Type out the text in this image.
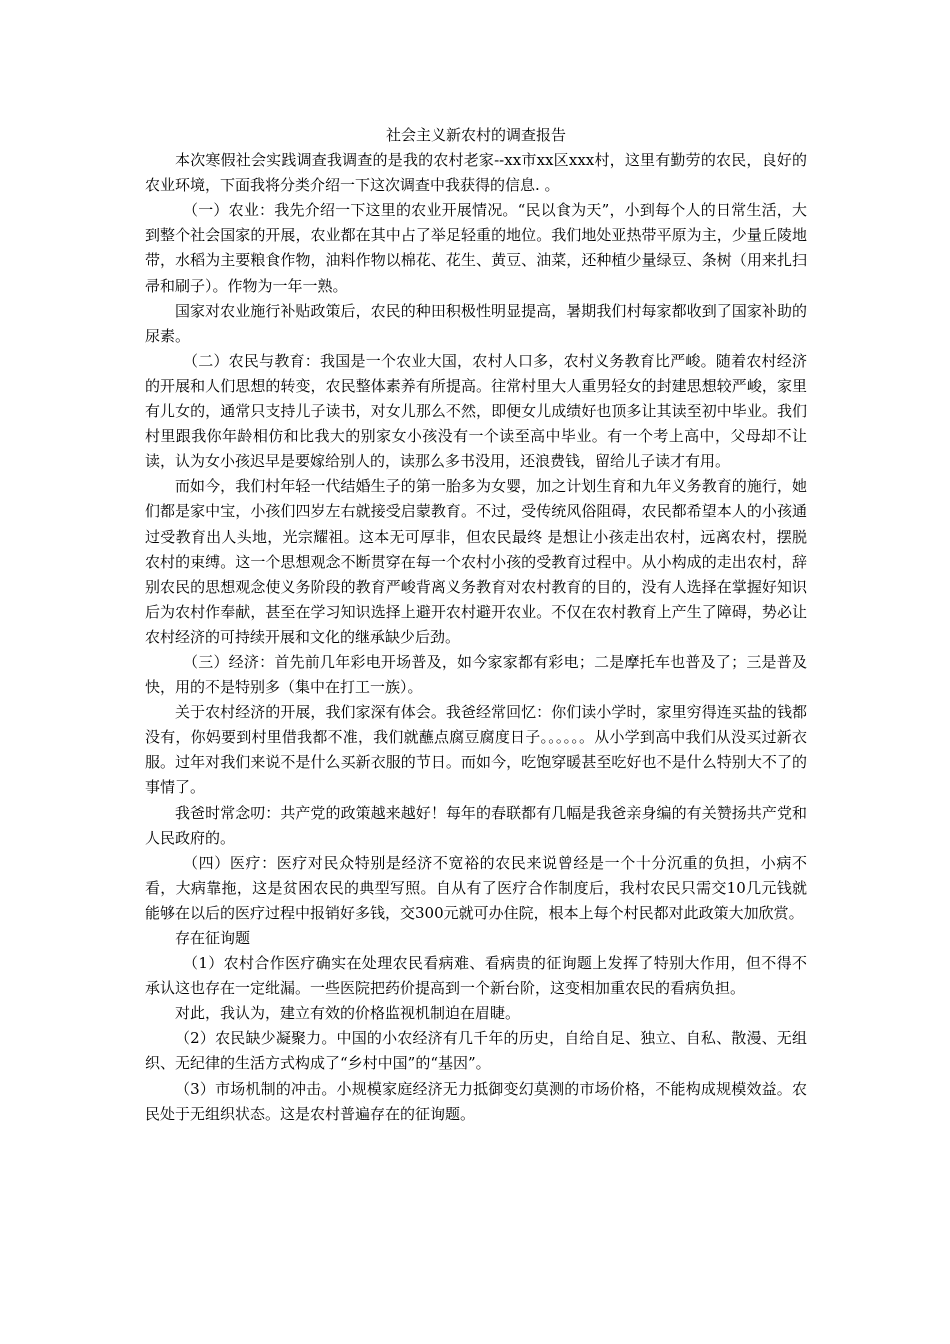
社会主义新农村的调查报告

本次寒假社会实践调查我调查的是我的农村老家--xx市xx区xxx村，这里有勤劳的农民，良好的农业环境，下面我将分类介绍一下这次调查中我获得的信息. 。

（一）农业：我先介绍一下这里的农业开展情况。“民以食为天”，小到每个人的日常生活，大到整个社会国家的开展，农业都在其中占了举足轻重的地位。我们地处亚热带平原为主，少量丘陵地带，水稻为主要粮食作物，油料作物以棉花、花生、黄豆、油菜，还种植少量绿豆、条树（用来扎扫帚和刷子）。作物为一年一熟。

国家对农业施行补贴政策后，农民的种田积极性明显提高，暑期我们村每家都收到了国家补助的尿素。

（二）农民与教育：我国是一个农业大国，农村人口多，农村义务教育比严峻。随着农村经济的开展和人们思想的转变，农民整体素养有所提高。往常村里大人重男轻女的封建思想较严峻，家里有儿女的，通常只支持儿子读书，对女儿那么不然，即便女儿成绩好也顶多让其读至初中毕业。我们村里跟我你年龄相仿和比我大的别家女小孩没有一个读至高中毕业。有一个考上高中，父母却不让读，认为女小孩迟早是要嫁给别人的，读那么多书没用，还浪费钱，留给儿子读才有用。

而如今，我们村年轻一代结婚生子的第一胎多为女婴，加之计划生育和九年义务教育的施行，她们都是家中宝，小孩们四岁左右就接受启蒙教育。不过，受传统风俗阻碍，农民都希望本人的小孩通过受教育出人头地，光宗耀祖。这本无可厚非，但农民最终 是想让小孩走出农村，远离农村，摆脱农村的束缚。这一个思想观念不断贯穿在每一个农村小孩的受教育过程中。从小构成的走出农村，辞别农民的思想观念使义务阶段的教育严峻背离义务教育对农村教育的目的，没有人选择在掌握好知识后为农村作奉献，甚至在学习知识选择上避开农村避开农业。不仅在农村教育上产生了障碍，势必让农村经济的可持续开展和文化的继承缺少后劲。

（三）经济：首先前几年彩电开场普及，如今家家都有彩电；二是摩托车也普及了；三是普及快，用的不是特别多（集中在打工一族）。

关于农村经济的开展，我们家深有体会。我爸经常回忆：你们读小学时，家里穷得连买盐的钱都没有，你妈要到村里借我都不准，我们就蘸点腐豆腐度日子。。。。。。从小学到高中我们从没买过新衣服。过年对我们来说不是什么买新衣服的节日。而如今，吃饱穿暖甚至吃好也不是什么特别大不了的事情了。

我爸时常念叨：共产党的政策越来越好！每年的春联都有几幅是我爸亲身编的有关赞扬共产党和人民政府的。

（四）医疗：医疗对民众特别是经济不宽裕的农民来说曾经是一个十分沉重的负担，小病不看，大病靠拖，这是贫困农民的典型写照。自从有了医疗合作制度后，我村农民只需交10几元钱就能够在以后的医疗过程中报销好多钱，交300元就可办住院，根本上每个村民都对此政策大加欣赏。

存在征询题

（1）农村合作医疗确实在处理农民看病难、看病贵的征询题上发挥了特别大作用，但不得不承认这也存在一定纰漏。一些医院把药价提高到一个新台阶，这变相加重农民的看病负担。

对此，我认为，建立有效的价格监视机制迫在眉睫。

（2）农民缺少凝聚力。中国的小农经济有几千年的历史，自给自足、独立、自私、散漫、无组织、无纪律的生活方式构成了“乡村中国”的“基因”。

（3）市场机制的冲击。小规模家庭经济无力抵御变幻莫测的市场价格，不能构成规模效益。农民处于无组织状态。这是农村普遍存在的征询题。
